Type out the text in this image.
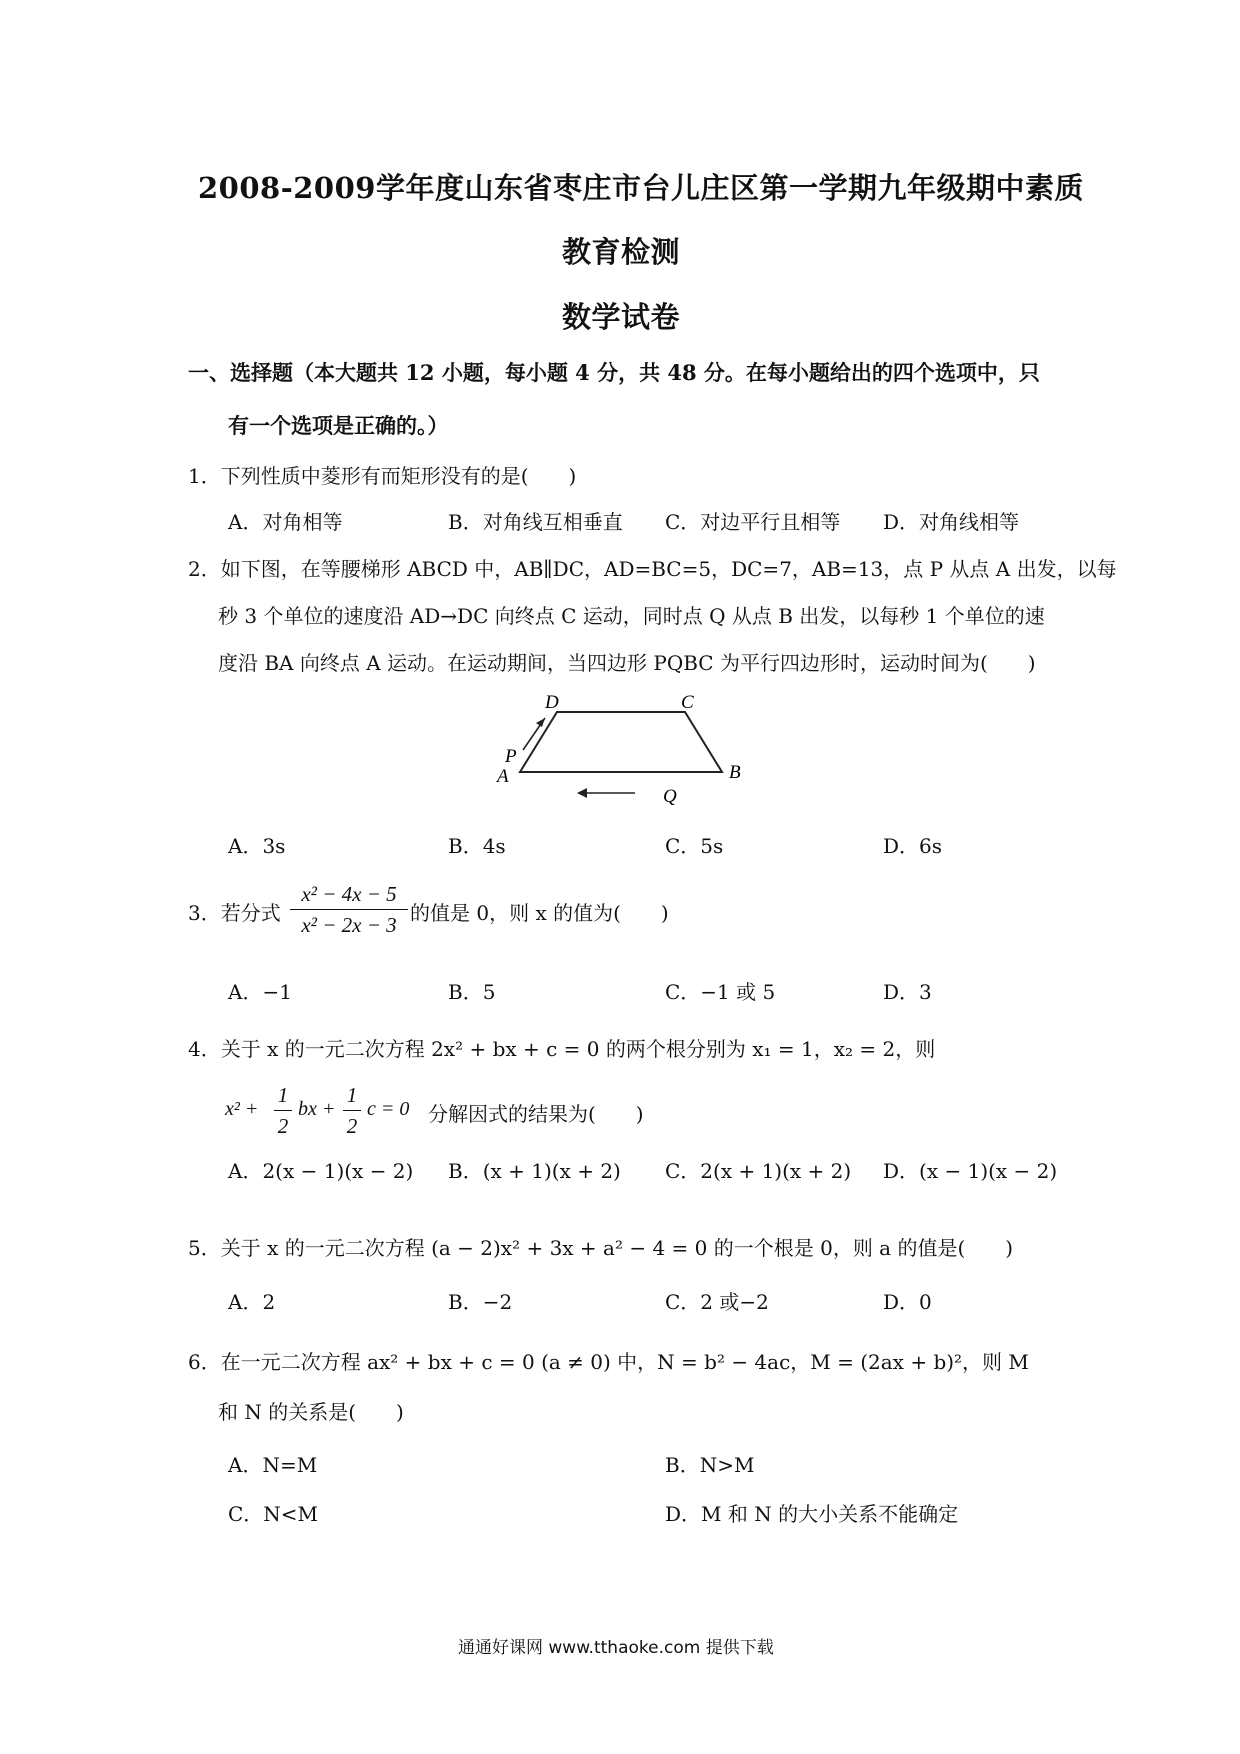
2008-2009学年度山东省枣庄市台儿庄区第一学期九年级期中素质
教育检测
数学试卷
一、选择题（本大题共 12 小题，每小题 4 分，共 48 分。在每小题给出的四个选项中，只
有一个选项是正确的。）
1．下列性质中菱形有而矩形没有的是(　　)
A．对角相等	B．对角线互相垂直 C．对边平行且相等 D．对角线相等
2．如下图，在等腰梯形 ABCD 中，AB∥DC，AD=BC=5，DC=7，AB=13，点 P 从点 A 出发，以每
秒 3 个单位的速度沿 AD→DC 向终点 C 运动，同时点 Q 从点 B 出发，以每秒 1 个单位的速
度沿 BA 向终点 A 运动。在运动期间，当四边形 PQBC 为平行四边形时，运动时间为(　　)
D	C
P
A	B
Q
A．3s	B．4s	C．5s	D．6s
3．若分式
x² − 4x − 5
x² − 2x − 3 的值是 0，则 x 的值为(　　)
A．−1	B．5	C．−1 或 5	D．3
4．关于 x 的一元二次方程 2x² + bx + c = 0 的两个根分别为 x₁ = 1，x₂ = 2，则
x² +
1
2
bx +
1
2
c = 0 分解因式的结果为(　　)
A．2(x − 1)(x − 2) B．(x + 1)(x + 2) C．2(x + 1)(x + 2) D．(x − 1)(x − 2)
5．关于 x 的一元二次方程 (a − 2)x² + 3x + a² − 4 = 0 的一个根是 0，则 a 的值是(　　)
A．2	B．−2	C．2 或−2	D．0
6．在一元二次方程 ax² + bx + c = 0 (a ≠ 0) 中，N = b² − 4ac，M = (2ax + b)²，则 M
和 N 的关系是(　　)
A．N=M	B．N>M
C．N<M	D．M 和 N 的大小关系不能确定
通通好课网 www.tthaoke.com 提供下载
